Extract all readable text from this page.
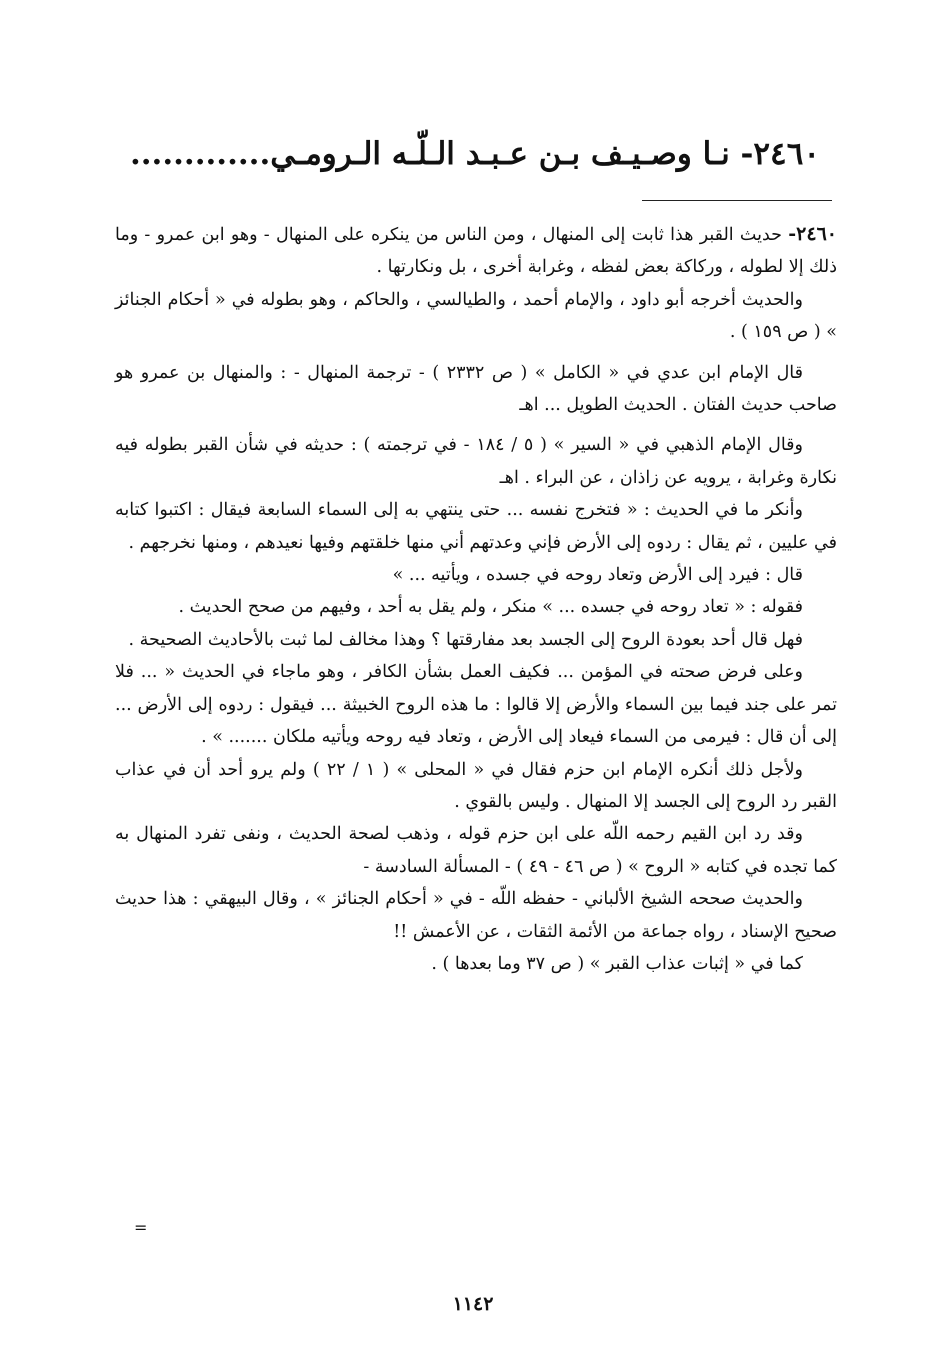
٢٤٦٠- نـا وصـيـف بـن عـبـد الـلّـه الـرومـي.............

٢٤٦٠- حديث القبر هذا ثابت إلى المنهال ، ومن الناس من ينكره على المنهال - وهو ابن عمرو - وما ذلك إلا لطوله ، وركاكة بعض لفظه ، وغرابة أخرى ، بل ونكارتها .

والحديث أخرجه أبو داود ، والإمام أحمد ، والطيالسي ، والحاكم ، وهو بطوله في « أحكام الجنائز » ( ص ١٥٩ ) .

قال الإمام ابن عدي في « الكامل » ( ص ٢٣٣٢ ) - ترجمة المنهال - : والمنهال بن عمرو هو صاحب حديث الفتان . الحديث الطويل ... اهـ

وقال الإمام الذهبي في « السير » ( ٥ / ١٨٤ - في ترجمته ) : حديثه في شأن القبر بطوله فيه نكارة وغرابة ، يرويه عن زاذان ، عن البراء . اهـ

وأنكر ما في الحديث : « فتخرج نفسه ... حتى ينتهي به إلى السماء السابعة فيقال : اكتبوا كتابه في عليين ، ثم يقال : ردوه إلى الأرض فإني وعدتهم أني منها خلقتهم وفيها نعيدهم ، ومنها نخرجهم .

قال : فيرد إلى الأرض وتعاد روحه في جسده ، ويأتيه ... »

فقوله : « تعاد روحه في جسده ... » منكر ، ولم يقل به أحد ، وفيهم من صحح الحديث .

فهل قال أحد بعودة الروح إلى الجسد بعد مفارقتها ؟ وهذا مخالف لما ثبت بالأحاديث الصحيحة .

وعلى فرض صحته في المؤمن ... فكيف العمل بشأن الكافر ، وهو ماجاء في الحديث « ... فلا تمر على جند فيما بين السماء والأرض إلا قالوا : ما هذه الروح الخبيثة ... فيقول : ردوه إلى الأرض ... إلى أن قال : فيرمى من السماء فيعاد إلى الأرض ، وتعاد فيه روحه ويأتيه ملكان ....... » .

ولأجل ذلك أنكره الإمام ابن حزم فقال في « المحلى » ( ١ / ٢٢ ) ولم يرو أحد أن في عذاب القبر رد الروح إلى الجسد إلا المنهال . وليس بالقوي .

وقد رد ابن القيم رحمه اللّه على ابن حزم قوله ، وذهب لصحة الحديث ، ونفى تفرد المنهال به كما تجده في كتابه « الروح » ( ص ٤٦ - ٤٩ ) - المسألة السادسة -

والحديث صححه الشيخ الألباني - حفظه اللّه - في « أحكام الجنائز » ، وقال البيهقي : هذا حديث صحيح الإسناد ، رواه جماعة من الأئمة الثقات ، عن الأعمش !!

كما في « إثبات عذاب القبر » ( ص ٣٧ وما بعدها ) .

=
١١٤٢
